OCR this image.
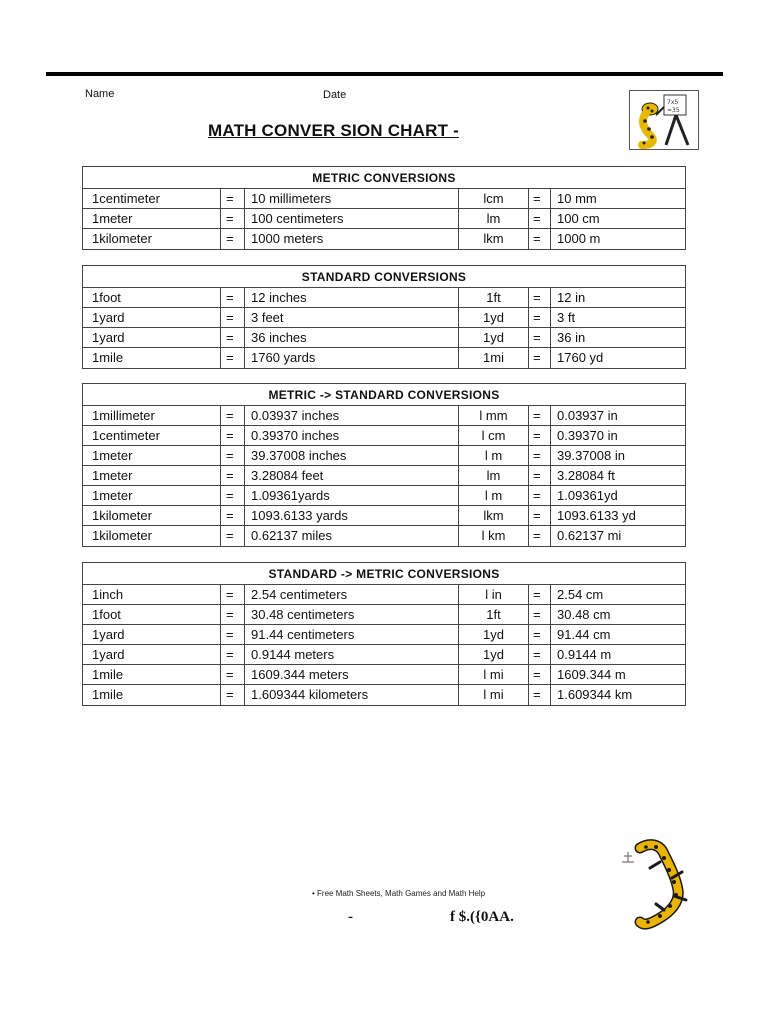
Name	Date
MATH CONVER SION CHART -
7x5
=35
METRIC CONVERSIONS
1centimeter	=	10 millimeters	lcm	=	10 mm
1meter	=	100 centimeters	lm	=	100 cm
1kilometer	=	1000 meters	lkm	=	1000 m
STANDARD CONVERSIONS
1foot	=	12 inches	1ft	=	12 in
1yard	=	3 feet	1yd	=	3 ft
1yard	=	36 inches	1yd	=	36 in
1mile	=	1760 yards	1mi	=	1760 yd
METRIC -> STANDARD CONVERSIONS
1millimeter	=	0.03937 inches	l mm	=	0.03937 in
1centimeter	=	0.39370 inches	l cm	=	0.39370 in
1meter	=	39.37008 inches	l m	=	39.37008 in
1meter	=	3.28084 feet	lm	=	3.28084 ft
1meter	=	1.09361yards	l m	=	1.09361yd
1kilometer	=	1093.6133 yards	lkm	=	1093.6133 yd
1kilometer	=	0.62137 miles	l km	=	0.62137 mi
STANDARD -> METRIC CONVERSIONS
1inch	=	2.54 centimeters	l in	=	2.54 cm
1foot	=	30.48 centimeters	1ft	=	30.48 cm
1yard	=	91.44 centimeters	1yd	=	91.44 cm
1yard	=	0.9144 meters	1yd	=	0.9144 m
1mile	=	1609.344 meters	l mi	=	1609.344 m
1mile	=	1.609344 kilometers	l mi	=	1.609344 km
• Free Math Sheets, Math Games and Math Help
-	f $.({0AA.
